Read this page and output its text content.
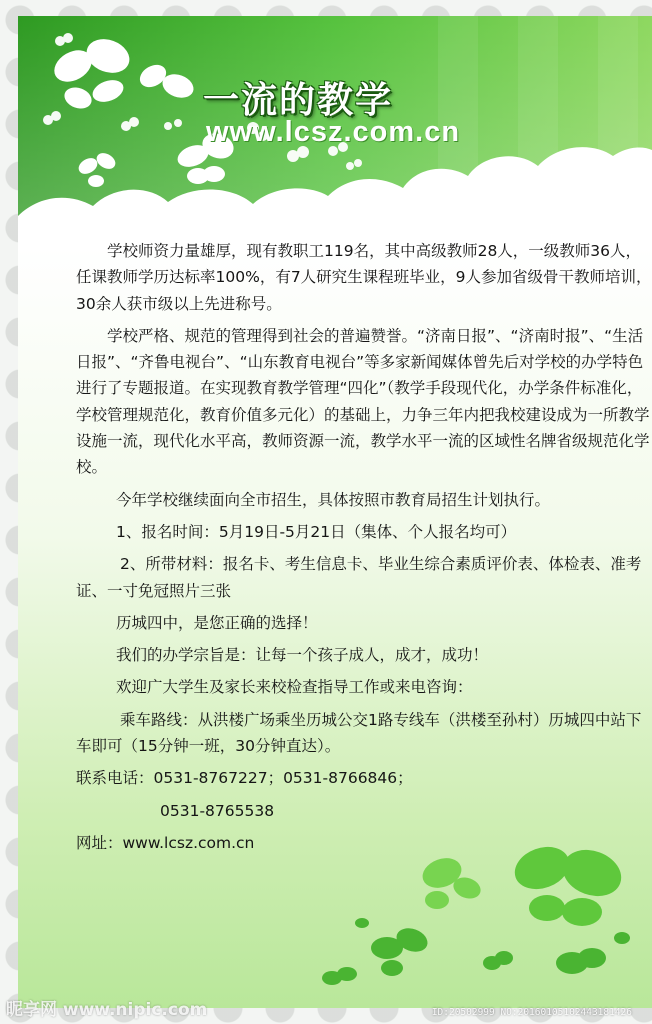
一流的教学
www.lcsz.com.cn

学校师资力量雄厚，现有教职工119名，其中高级教师28人，一级教师36人，任课教师学历达标率100%，有7人研究生课程班毕业，9人参加省级骨干教师培训，30余人获市级以上先进称号。

学校严格、规范的管理得到社会的普遍赞誉。“济南日报”、“济南时报”、“生活日报”、“齐鲁电视台”、“山东教育电视台”等多家新闻媒体曾先后对学校的办学特色进行了专题报道。在实现教育教学管理“四化”（教学手段现代化，办学条件标准化，学校管理规范化，教育价值多元化）的基础上，力争三年内把我校建设成为一所教学设施一流，现代化水平高，教师资源一流，教学水平一流的区域性名牌省级规范化学校。

今年学校继续面向全市招生，具体按照市教育局招生计划执行。

1、报名时间：5月19日-5月21日（集体、个人报名均可）

2、所带材料：报名卡、考生信息卡、毕业生综合素质评价表、体检表、准考证、一寸免冠照片三张

历城四中，是您正确的选择！

我们的办学宗旨是：让每一个孩子成人，成才，成功！

欢迎广大学生及家长来校检查指导工作或来电咨询：

乘车路线：从洪楼广场乘坐历城公交1路专线车（洪楼至孙村）历城四中站下车即可（15分钟一班，30分钟直达）。

联系电话：0531-8767227；0531-8766846；

0531-8765538

网址：www.lcsz.com.cn

昵享网 www.nipic.com	ID:20502999 NO:20160105102443181426
